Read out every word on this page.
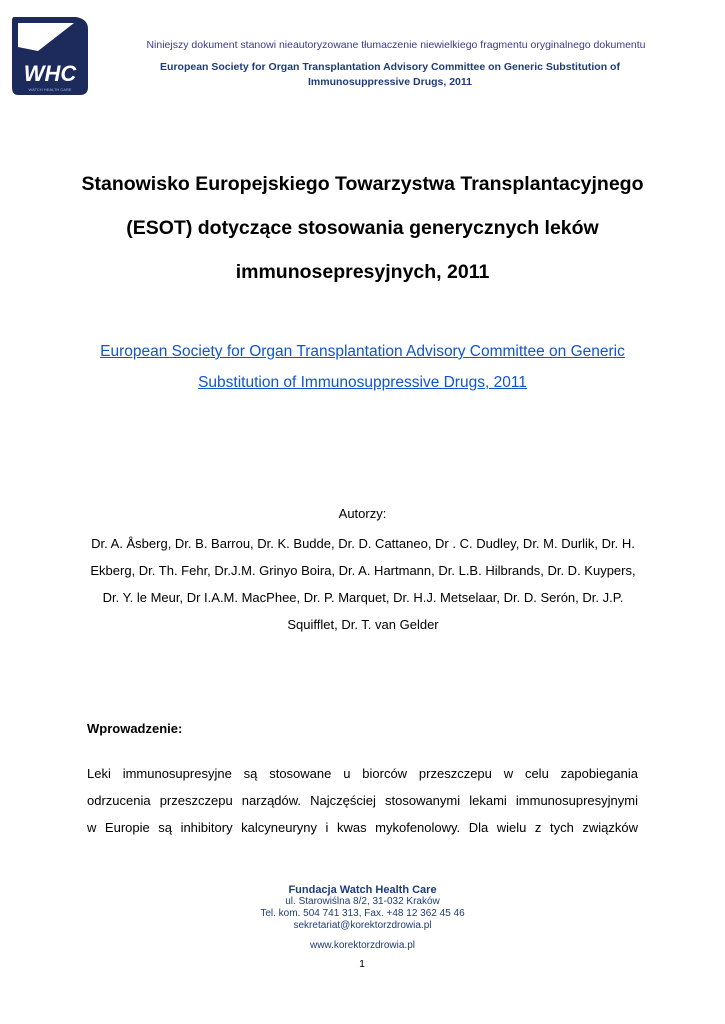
WHC
WATCH HEALTH CARE
Niniejszy dokument stanowi nieautoryzowane tłumaczenie niewielkiego fragmentu oryginalnego dokumentu
European Society for Organ Transplantation Advisory Committee on Generic Substitution of
Immunosuppressive Drugs, 2011
Stanowisko Europejskiego Towarzystwa Transplantacyjnego
(ESOT) dotyczące stosowania generycznych leków
immunosepresyjnych, 2011
European Society for Organ Transplantation Advisory Committee on Generic
Substitution of Immunosuppressive Drugs, 2011
Autorzy:
Dr. A. Åsberg, Dr. B. Barrou, Dr. K. Budde, Dr. D. Cattaneo, Dr . C. Dudley, Dr. M. Durlik, Dr. H.
Ekberg, Dr. Th. Fehr, Dr.J.M. Grinyo Boira, Dr. A. Hartmann, Dr. L.B. Hilbrands, Dr. D. Kuypers,
Dr. Y. le Meur, Dr I.A.M. MacPhee, Dr. P. Marquet, Dr. H.J. Metselaar, Dr. D. Serón, Dr. J.P.
Squifflet, Dr. T. van Gelder
Wprowadzenie:
Leki immunosupresyjne są stosowane u biorców przeszczepu w celu zapobiegania
odrzucenia przeszczepu narządów. Najczęściej stosowanymi lekami immunosupresyjnymi
w Europie są inhibitory kalcyneuryny i kwas mykofenolowy. Dla wielu z tych związków
Fundacja Watch Health Care
ul. Starowiślna 8/2, 31-032 Kraków
Tel. kom. 504 741 313, Fax. +48 12 362 45 46
sekretariat@korektorzdrowia.pl
www.korektorzdrowia.pl
1
